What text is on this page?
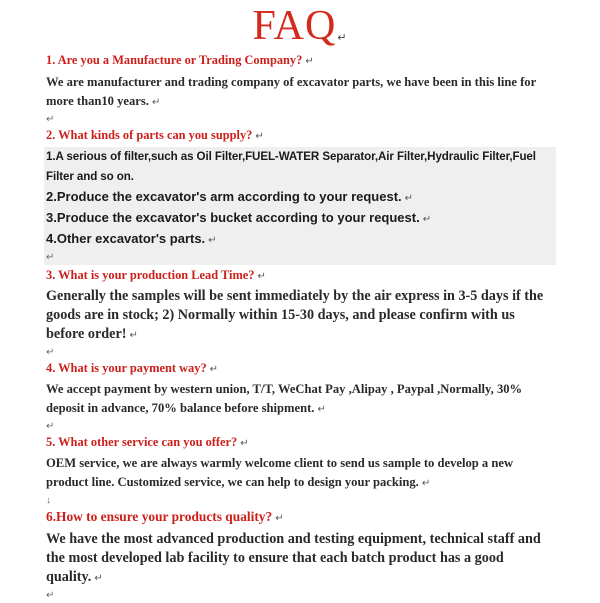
FAQ↵

1. Are you a Manufacture or Trading Company? ↵

We are manufacturer and trading company of excavator parts, we have been in this line for more than10 years. ↵

↵

2. What kinds of parts can you supply? ↵

1.A serious of filter,such as Oil Filter,FUEL-WATER Separator,Air Filter,Hydraulic Filter,Fuel Filter and so on.

2.Produce the excavator's arm according to your request. ↵

3.Produce the excavator's bucket according to your request. ↵

4.Other excavator's parts. ↵

↵

3. What is your production Lead Time? ↵

Generally the samples will be sent immediately by the air express in 3-5 days if the goods are in stock; 2) Normally within 15-30 days, and please confirm with us before order! ↵

↵

4. What is your payment way? ↵

We accept payment by western union, T/T, WeChat Pay ,Alipay , Paypal ,Normally, 30% deposit in advance, 70% balance before shipment. ↵

↵

5. What other service can you offer? ↵

OEM service, we are always warmly welcome client to send us sample to develop a new product line. Customized service, we can help to design your packing. ↵

↓

6.How to ensure your products quality? ↵

We have the most advanced production and testing equipment, technical staff and the most developed lab facility to ensure that each batch product has a good quality. ↵

↵
